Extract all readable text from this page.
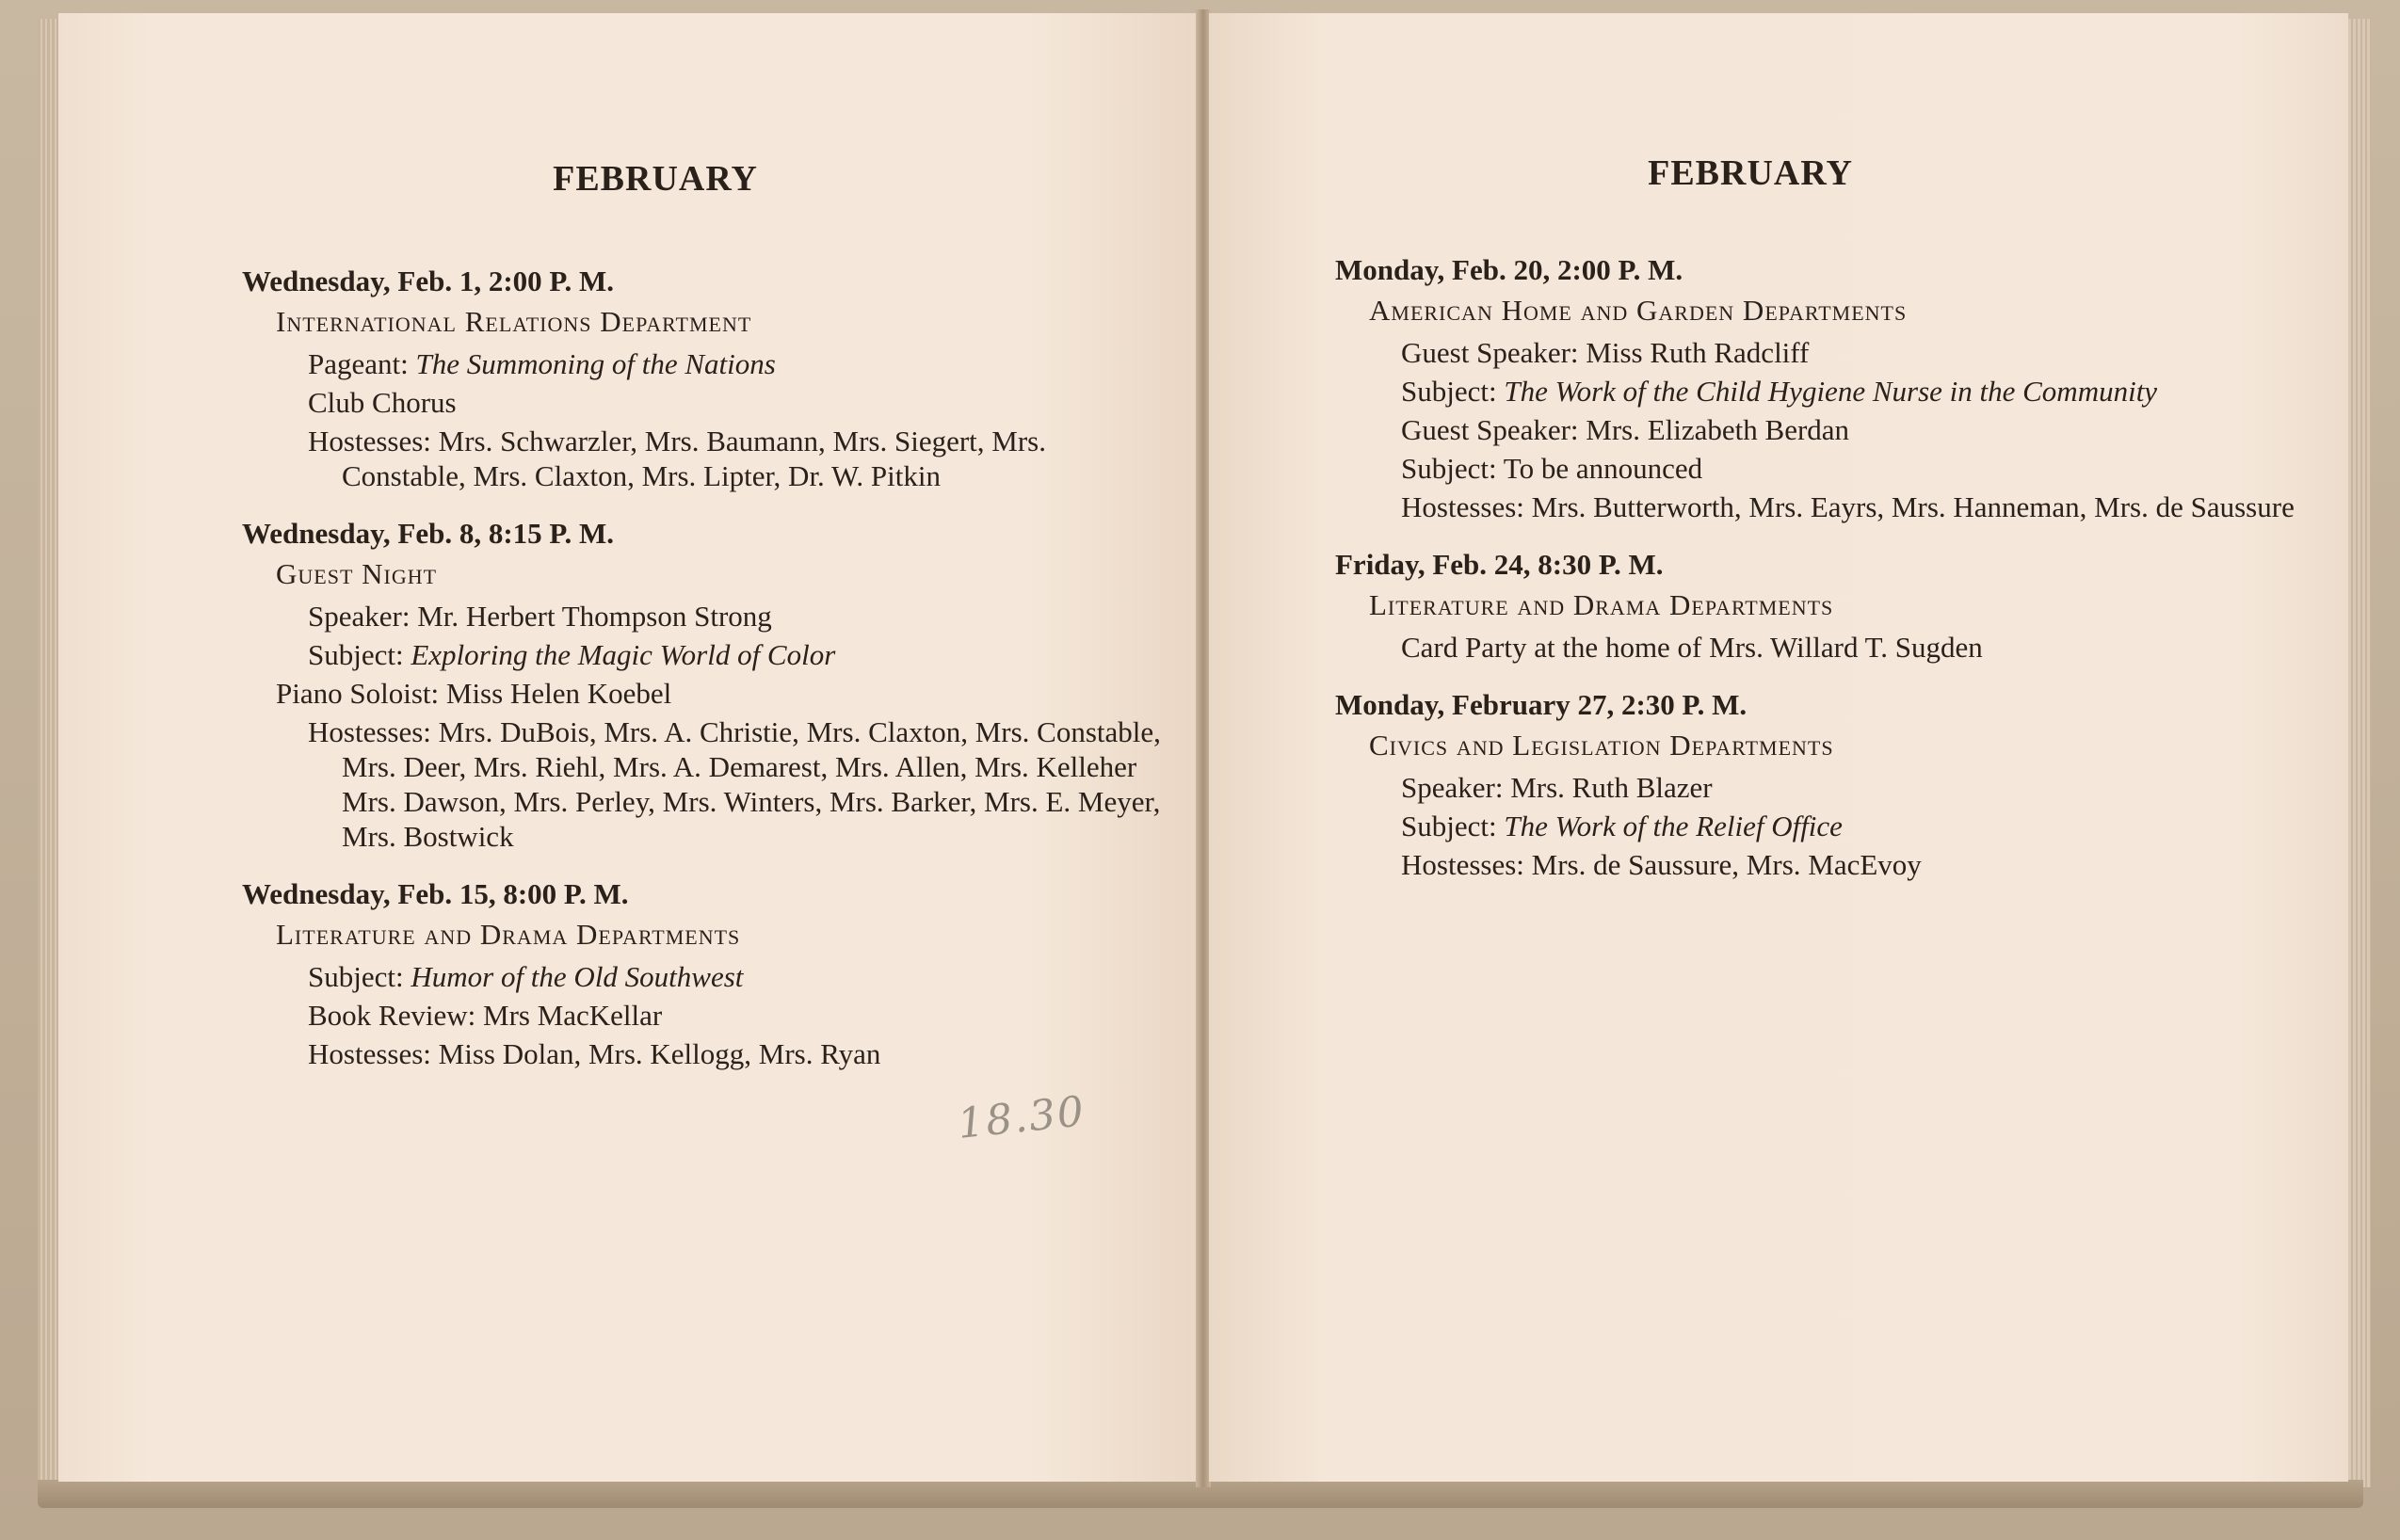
FEBRUARY
Wednesday, Feb. 1, 2:00 P. M.
International Relations Department
Pageant: The Summoning of the Nations
Club Chorus
Hostesses: Mrs. Schwarzler, Mrs. Baumann, Mrs. Siegert, Mrs. Constable, Mrs. Claxton, Mrs. Lipter, Dr. W. Pitkin
Wednesday, Feb. 8, 8:15 P. M.
Guest Night
Speaker: Mr. Herbert Thompson Strong
Subject: Exploring the Magic World of Color
Piano Soloist: Miss Helen Koebel
Hostesses: Mrs. DuBois, Mrs. A. Christie, Mrs. Claxton, Mrs. Constable, Mrs. Deer, Mrs. Riehl, Mrs. A. Demarest, Mrs. Allen, Mrs. Kelleher Mrs. Dawson, Mrs. Perley, Mrs. Winters, Mrs. Barker, Mrs. E. Meyer, Mrs. Bostwick
Wednesday, Feb. 15, 8:00 P. M.
Literature and Drama Departments
Subject: Humor of the Old Southwest
Book Review: Mrs MacKellar
Hostesses: Miss Dolan, Mrs. Kellogg, Mrs. Ryan
18.30
FEBRUARY
Monday, Feb. 20, 2:00 P. M.
American Home and Garden Departments
Guest Speaker: Miss Ruth Radcliff
Subject: The Work of the Child Hygiene Nurse in the Community
Guest Speaker: Mrs. Elizabeth Berdan
Subject: To be announced
Hostesses: Mrs. Butterworth, Mrs. Eayrs, Mrs. Hanneman, Mrs. de Saussure
Friday, Feb. 24, 8:30 P. M.
Literature and Drama Departments
Card Party at the home of Mrs. Willard T. Sugden
Monday, February 27, 2:30 P. M.
Civics and Legislation Departments
Speaker: Mrs. Ruth Blazer
Subject: The Work of the Relief Office
Hostesses: Mrs. de Saussure, Mrs. MacEvoy
